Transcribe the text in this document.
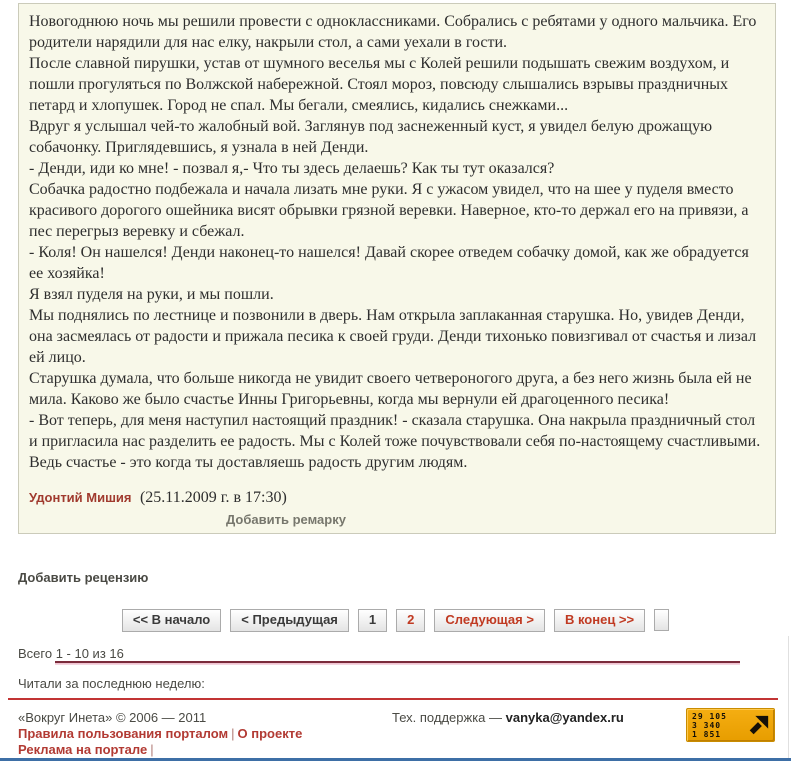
Новогоднюю ночь мы решили провести с одноклассниками. Собрались с ребятами у одного мальчика. Его родители нарядили для нас елку, накрыли стол, а сами уехали в гости.

После славной пирушки, устав от шумного веселья мы с Колей решили подышать свежим воздухом, и пошли прогуляться по Волжской набережной. Стоял мороз, повсюду слышались взрывы праздничных петард и хлопушек. Город не спал. Мы бегали, смеялись, кидались снежками...

Вдруг я услышал чей-то жалобный вой. Заглянув под заснеженный куст, я увидел белую дрожащую собачонку. Приглядевшись, я узнала в ней Денди.

- Денди, иди ко мне! - позвал я,- Что ты здесь делаешь? Как ты тут оказался?

Собачка радостно подбежала и начала лизать мне руки. Я с ужасом увидел, что на шее у пуделя вместо красивого дорогого ошейника висят обрывки грязной веревки. Наверное, кто-то держал его на привязи, а пес перегрыз веревку и сбежал.

- Коля! Он нашелся! Денди наконец-то нашелся! Давай скорее отведем собачку домой, как же обрадуется ее хозяйка!

Я взял пуделя на руки, и мы пошли.

Мы поднялись по лестнице и позвонили в дверь. Нам открыла заплаканная старушка. Но, увидев Денди, она засмеялась от радости и прижала песика к своей груди. Денди тихонько повизгивал от счастья и лизал ей лицо.

Старушка думала, что больше никогда не увидит своего четвероногого друга, а без него жизнь была ей не мила. Каково же было счастье Инны Григорьевны, когда мы вернули ей драгоценного песика!

- Вот теперь, для меня наступил настоящий праздник! - сказала старушка. Она накрыла праздничный стол и пригласила нас разделить ее радость. Мы с Колей тоже почувствовали себя по-настоящему счастливыми. Ведь счастье - это когда ты доставляешь радость другим людям.

Удонтий Мишия (25.11.2009 г. в 17:30)
Добавить ремарку
Добавить рецензию
<< В начало	< Предыдущая	1	2	Следующая >	В конец >>
Всего 1 - 10 из 16
Читали за последнюю неделю:
«Вокруг Инета» © 2006 — 2011	Тех. поддержка — vanyka@yandex.ru
Правила пользования порталом | О проекте
Реклама на портале |
29 105
3 340
1 851
